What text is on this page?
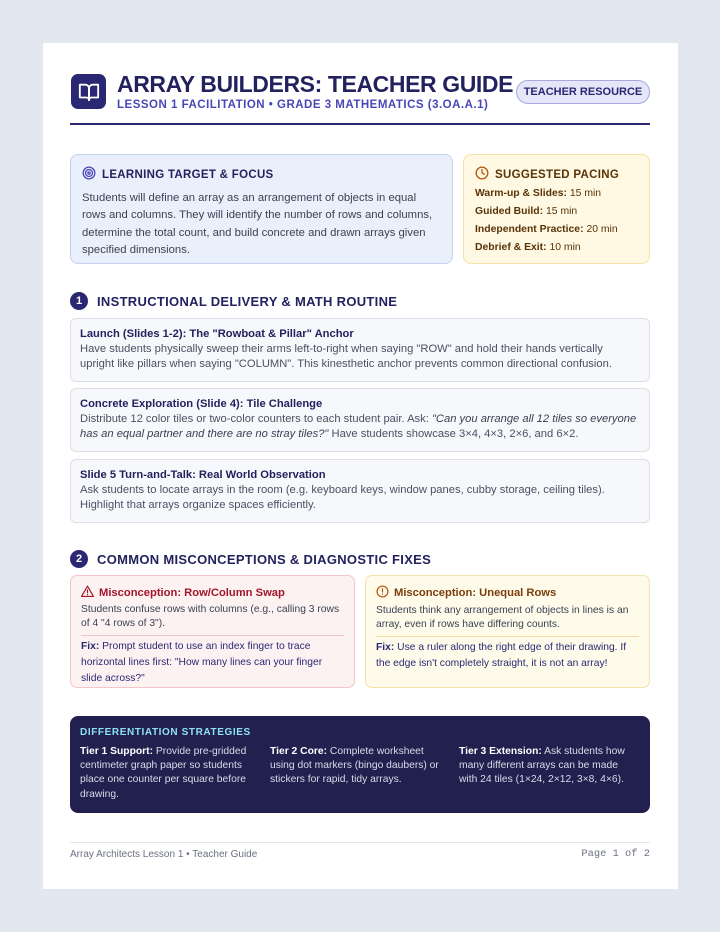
ARRAY BUILDERS: TEACHER GUIDE
LESSON 1 FACILITATION • GRADE 3 MATHEMATICS (3.OA.A.1)
TEACHER RESOURCE
LEARNING TARGET & FOCUS
Students will define an array as an arrangement of objects in equal rows and columns. They will identify the number of rows and columns, determine the total count, and build concrete and drawn arrays given specified dimensions.
SUGGESTED PACING
Warm-up & Slides: 15 min
Guided Build: 15 min
Independent Practice: 20 min
Debrief & Exit: 10 min
1	INSTRUCTIONAL DELIVERY & MATH ROUTINE
Launch (Slides 1-2): The "Rowboat & Pillar" Anchor
Have students physically sweep their arms left-to-right when saying "ROW" and hold their hands vertically upright like pillars when saying "COLUMN". This kinesthetic anchor prevents common directional confusion.
Concrete Exploration (Slide 4): Tile Challenge
Distribute 12 color tiles or two-color counters to each student pair. Ask: "Can you arrange all 12 tiles so everyone has an equal partner and there are no stray tiles?" Have students showcase 3×4, 4×3, 2×6, and 6×2.
Slide 5 Turn-and-Talk: Real World Observation
Ask students to locate arrays in the room (e.g. keyboard keys, window panes, cubby storage, ceiling tiles). Highlight that arrays organize spaces efficiently.
2	COMMON MISCONCEPTIONS & DIAGNOSTIC FIXES
Misconception: Row/Column Swap
Students confuse rows with columns (e.g., calling 3 rows of 4 "4 rows of 3").
Fix: Prompt student to use an index finger to trace horizontal lines first: "How many lines can your finger slide across?"
Misconception: Unequal Rows
Students think any arrangement of objects in lines is an array, even if rows have differing counts.
Fix: Use a ruler along the right edge of their drawing. If the edge isn't completely straight, it is not an array!
DIFFERENTIATION STRATEGIES
Tier 1 Support: Provide pre-gridded centimeter graph paper so students place one counter per square before drawing.
Tier 2 Core: Complete worksheet using dot markers (bingo daubers) or stickers for rapid, tidy arrays.
Tier 3 Extension: Ask students how many different arrays can be made with 24 tiles (1×24, 2×12, 3×8, 4×6).
Array Architects Lesson 1 • Teacher Guide	Page 1 of 2
